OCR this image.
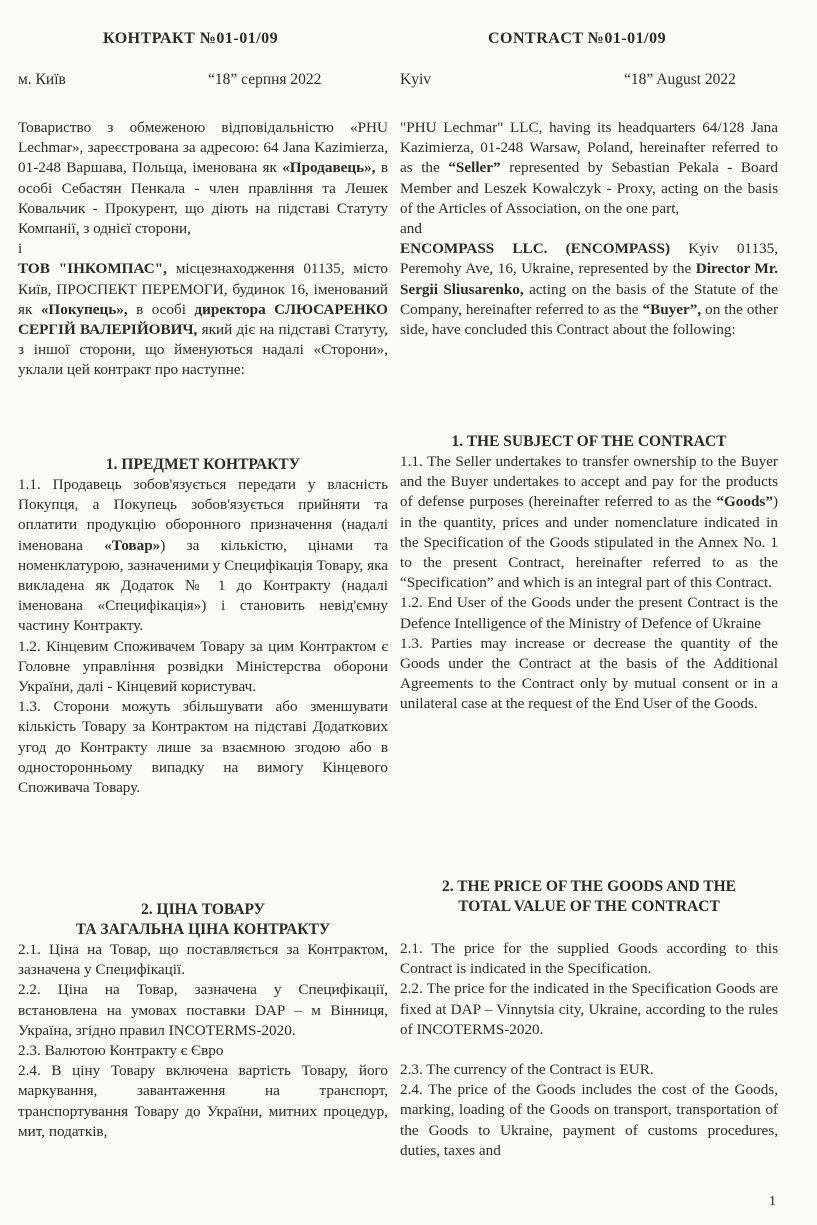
КОНТРАКТ №01-01/09	CONTRACT №01-01/09
м. Київ	“18” серпня 2022	Kyiv	“18” August 2022

Товариство з обмеженою відповідальністю «PHU Lechmar», зареєстрована за адресою: 64 Jana Kazimierza, 01-248 Варшава, Польща, іменована як «Продавець», в особі Себастян Пенкала - член правління та Лешек Ковальчик - Прокурент, що діють на підставі Статуту Компанії, з однієї сторони,

і

ТОВ "ІНКОМПАС", місцезнаходження 01135, місто Київ, ПРОСПЕКТ ПЕРЕМОГИ, будинок 16, іменований як «Покупець», в особі директора СЛЮСАРЕНКО СЕРГІЙ ВАЛЕРІЙОВИЧ, який діє на підставі Статуту, з іншої сторони, що йменуються надалі «Сторони», уклали цей контракт про наступне:

1. ПРЕДМЕТ КОНТРАКТУ

1.1. Продавець зобов'язується передати у власність Покупця, а Покупець зобов'язується прийняти та оплатити продукцію оборонного призначення (надалі іменована «Товар») за кількістю, цінами та номенклатурою, зазначеними у Специфікація Товару, яка викладена як Додаток № 1 до Контракту (надалі іменована «Специфікація») і становить невід'ємну частину Контракту.

1.2. Кінцевим Споживачем Товару за цим Контрактом є Головне управління розвідки Міністерства оборони України, далі - Кінцевий користувач.

1.3. Сторони можуть збільшувати або зменшувати кількість Товару за Контрактом на підставі Додаткових угод до Контракту лише за взаємною згодою або в односторонньому випадку на вимогу Кінцевого Споживача Товару.

2. ЦІНА ТОВАРУ

ТА ЗАГАЛЬНА ЦІНА КОНТРАКТУ

2.1. Ціна на Товар, що поставляється за Контрактом, зазначена у Специфікації.

2.2. Ціна на Товар, зазначена у Специфікації, встановлена на умовах поставки DAP – м Вінниця, Україна, згідно правил INCOTERMS-2020.

2.3. Валютою Контракту є Євро

2.4. В ціну Товару включена вартість Товару, його маркування, завантаження на транспорт, транспортування Товару до України, митних процедур, мит, податків,

"PHU Lechmar" LLC, having its headquarters 64/128 Jana Kazimierza, 01-248 Warsaw, Poland, hereinafter referred to as the “Seller” represented by Sebastian Pekala - Board Member and Leszek Kowalczyk - Proxy, acting on the basis of the Articles of Association, on the one part,

and

ENCOMPASS LLC. (ENCOMPASS) Kyiv 01135, Peremohy Ave, 16, Ukraine, represented by the Director Mr. Sergii Sliusarenko, acting on the basis of the Statute of the Company, hereinafter referred to as the “Buyer”, on the other side, have concluded this Contract about the following:

1. THE SUBJECT OF THE CONTRACT

1.1. The Seller undertakes to transfer ownership to the Buyer and the Buyer undertakes to accept and pay for the products of defense purposes (hereinafter referred to as the “Goods”) in the quantity, prices and under nomenclature indicated in the Specification of the Goods stipulated in the Annex No. 1 to the present Contract, hereinafter referred to as the “Specification” and which is an integral part of this Contract.

1.2. End User of the Goods under the present Contract is the Defence Intelligence of the Ministry of Defence of Ukraine

1.3. Parties may increase or decrease the quantity of the Goods under the Contract at the basis of the Additional Agreements to the Contract only by mutual consent or in a unilateral case at the request of the End User of the Goods.

2. THE PRICE OF THE GOODS AND THE

TOTAL VALUE OF THE CONTRACT

2.1. The price for the supplied Goods according to this Contract is indicated in the Specification.

2.2. The price for the indicated in the Specification Goods are fixed at DAP – Vinnytsia city, Ukraine, according to the rules of INCOTERMS-2020.

2.3. The currency of the Contract is EUR.

2.4. The price of the Goods includes the cost of the Goods, marking, loading of the Goods on transport, transportation of the Goods to Ukraine, payment of customs procedures, duties, taxes and

1
